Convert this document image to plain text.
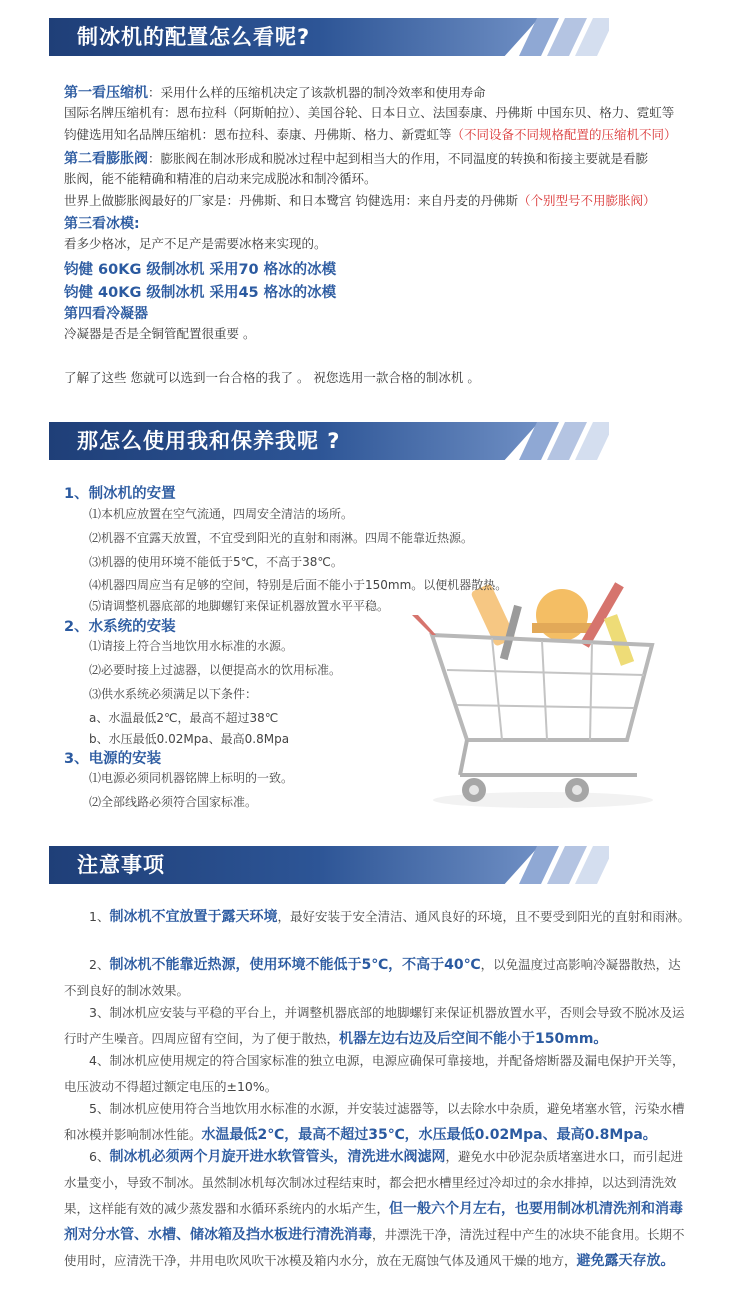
制冰机的配置怎么看呢?
第一看压缩机：采用什么样的压缩机决定了该款机器的制冷效率和使用寿命
国际名牌压缩机有：恩布拉科（阿斯帕拉）、美国谷轮、日本日立、法国泰康、丹佛斯 中国东贝、格力、霓虹等
钧健选用知名品牌压缩机：恩布拉科、泰康、丹佛斯、格力、新霓虹等（不同设备不同规格配置的压缩机不同）
第二看膨胀阀：膨胀阀在制冰形成和脱冰过程中起到相当大的作用，不同温度的转换和衔接主要就是看膨
胀阀，能不能精确和精准的启动来完成脱冰和制冷循环。
世界上做膨胀阀最好的厂家是：丹佛斯、和日本鹭宫 钧健选用：来自丹麦的丹佛斯（个别型号不用膨胀阀）
第三看冰模:
看多少格冰，足产不足产是需要冰格来实现的。
钧健 60KG 级制冰机 采用70 格冰的冰模
钧健 40KG 级制冰机 采用45 格冰的冰模
第四看冷凝器
冷凝器是否是全铜管配置很重要 。
了解了这些 您就可以选到一台合格的我了 。 祝您选用一款合格的制冰机 。
那怎么使用我和保养我呢 ?
1、制冰机的安置
⑴本机应放置在空气流通，四周安全清洁的场所。
⑵机器不宜露天放置，不宜受到阳光的直射和雨淋。四周不能靠近热源。
⑶机器的使用环境不能低于5℃，不高于38℃。
⑷机器四周应当有足够的空间，特别是后面不能小于150mm。以便机器散热。
⑸请调整机器底部的地脚螺钉来保证机器放置水平平稳。
2、水系统的安装
⑴请接上符合当地饮用水标准的水源。
⑵必要时接上过滤器，以便提高水的饮用标准。
⑶供水系统必须满足以下条件：
a、水温最低2℃，最高不超过38℃
b、水压最低0.02Mpa、最高0.8Mpa
3、电源的安装
⑴电源必须同机器铭牌上标明的一致。
⑵全部线路必须符合国家标准。
注意事项
1、制冰机不宜放置于露天环境，最好安装于安全清洁、通风良好的环境，且不要受到阳光的直射和雨淋。
2、制冰机不能靠近热源，使用环境不能低于5℃，不高于40℃，以免温度过高影响冷凝器散热，达不到良好的制冰效果。
3、制冰机应安装与平稳的平台上，并调整机器底部的地脚螺钉来保证机器放置水平，否则会导致不脱冰及运行时产生噪音。四周应留有空间，为了便于散热，机器左边右边及后空间不能小于150mm。
4、制冰机应使用规定的符合国家标准的独立电源，电源应确保可靠接地，并配备熔断器及漏电保护开关等，电压波动不得超过额定电压的±10%。
5、制冰机应使用符合当地饮用水标准的水源，并安装过滤器等，以去除水中杂质，避免堵塞水管，污染水槽和冰模并影响制冰性能。水温最低2℃，最高不超过35℃，水压最低0.02Mpa、最高0.8Mpa。
6、制冰机必须两个月旋开进水软管管头，清洗进水阀滤网，避免水中砂泥杂质堵塞进水口，而引起进水量变小，导致不制冰。虽然制冰机每次制冰过程结束时，都会把水槽里经过冷却过的余水排掉，以达到清洗效果，这样能有效的减少蒸发器和水循环系统内的水垢产生，但一般六个月左右，也要用制冰机清洗剂和消毒剂对分水管、水槽、储冰箱及挡水板进行清洗消毒，井漂洗干净，清洗过程中产生的冰块不能食用。长期不使用时，应清洗干净，井用电吹风吹干冰模及箱内水分，放在无腐蚀气体及通风干燥的地方，避免露天存放。
